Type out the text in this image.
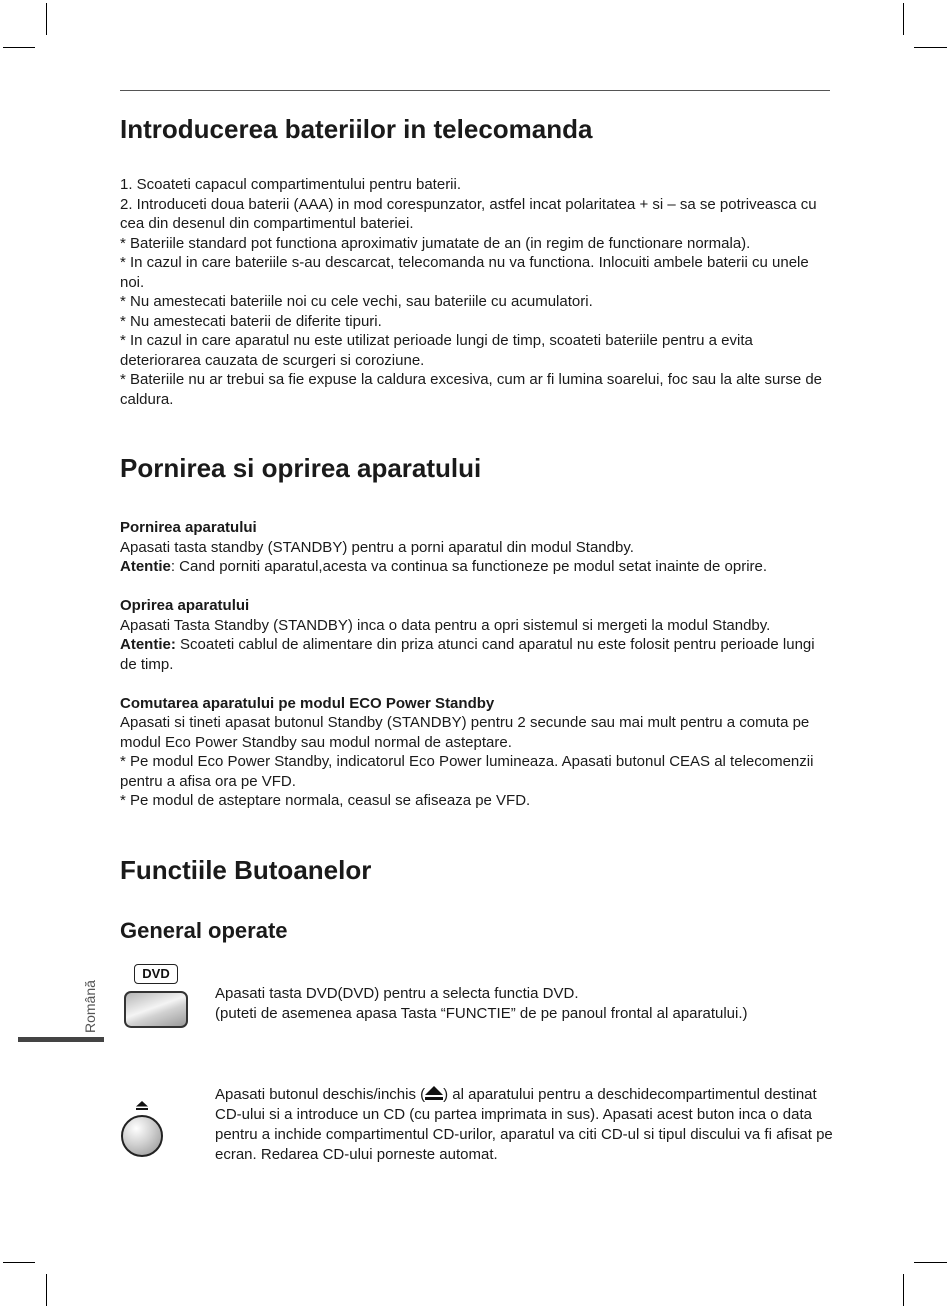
Introducerea bateriilor in telecomanda

1. Scoateti capacul compartimentului pentru baterii.

2. Introduceti doua baterii (AAA) in mod corespunzator, astfel incat polaritatea + si – sa se potriveasca cu cea din desenul din compartimentul bateriei.

* Bateriile standard pot functiona aproximativ jumatate de an (in regim de functionare normala).

* In cazul in care bateriile s-au descarcat, telecomanda nu va functiona. Inlocuiti ambele baterii cu unele noi.

* Nu amestecati bateriile noi cu cele vechi, sau bateriile cu acumulatori.

* Nu amestecati baterii de diferite tipuri.

* In cazul in care aparatul nu este utilizat perioade lungi de timp, scoateti bateriile pentru a evita deteriorarea cauzata de scurgeri si coroziune.

* Bateriile nu ar trebui sa fie expuse la caldura excesiva, cum ar fi lumina soarelui, foc sau la alte surse de caldura.

Pornirea si oprirea aparatului

Pornirea aparatului

Apasati tasta standby (STANDBY) pentru a porni aparatul din modul Standby.

Atentie: Cand porniti aparatul,acesta va continua sa functioneze pe modul setat inainte de oprire.

Oprirea aparatului

Apasati Tasta Standby (STANDBY) inca o data pentru a opri sistemul si mergeti la modul Standby.

Atentie: Scoateti cablul de alimentare din priza atunci cand aparatul nu este folosit pentru perioade lungi de timp.

Comutarea aparatului pe modul ECO Power Standby

Apasati si tineti apasat butonul Standby (STANDBY) pentru 2 secunde sau mai mult pentru a comuta pe modul Eco Power Standby sau modul normal de asteptare.

* Pe modul Eco Power Standby, indicatorul Eco Power lumineaza. Apasati butonul CEAS al telecomenzii pentru a afisa ora pe VFD.

* Pe modul de asteptare normala, ceasul se afiseaza pe VFD.

Functiile Butoanelor
General operate
Română
DVD

Apasati tasta DVD(DVD) pentru a selecta functia DVD.

(puteti de asemenea apasa Tasta “FUNCTIE” de pe panoul frontal al aparatului.)

Apasati butonul deschis/inchis ( ) al aparatului pentru a deschidecompartimentul destinat CD-ului si a introduce un CD (cu partea imprimata in sus). Apasati acest buton inca o data pentru a inchide compartimentul CD-urilor, aparatul va citi CD-ul si tipul discului va fi afisat pe ecran. Redarea CD-ului porneste automat.
